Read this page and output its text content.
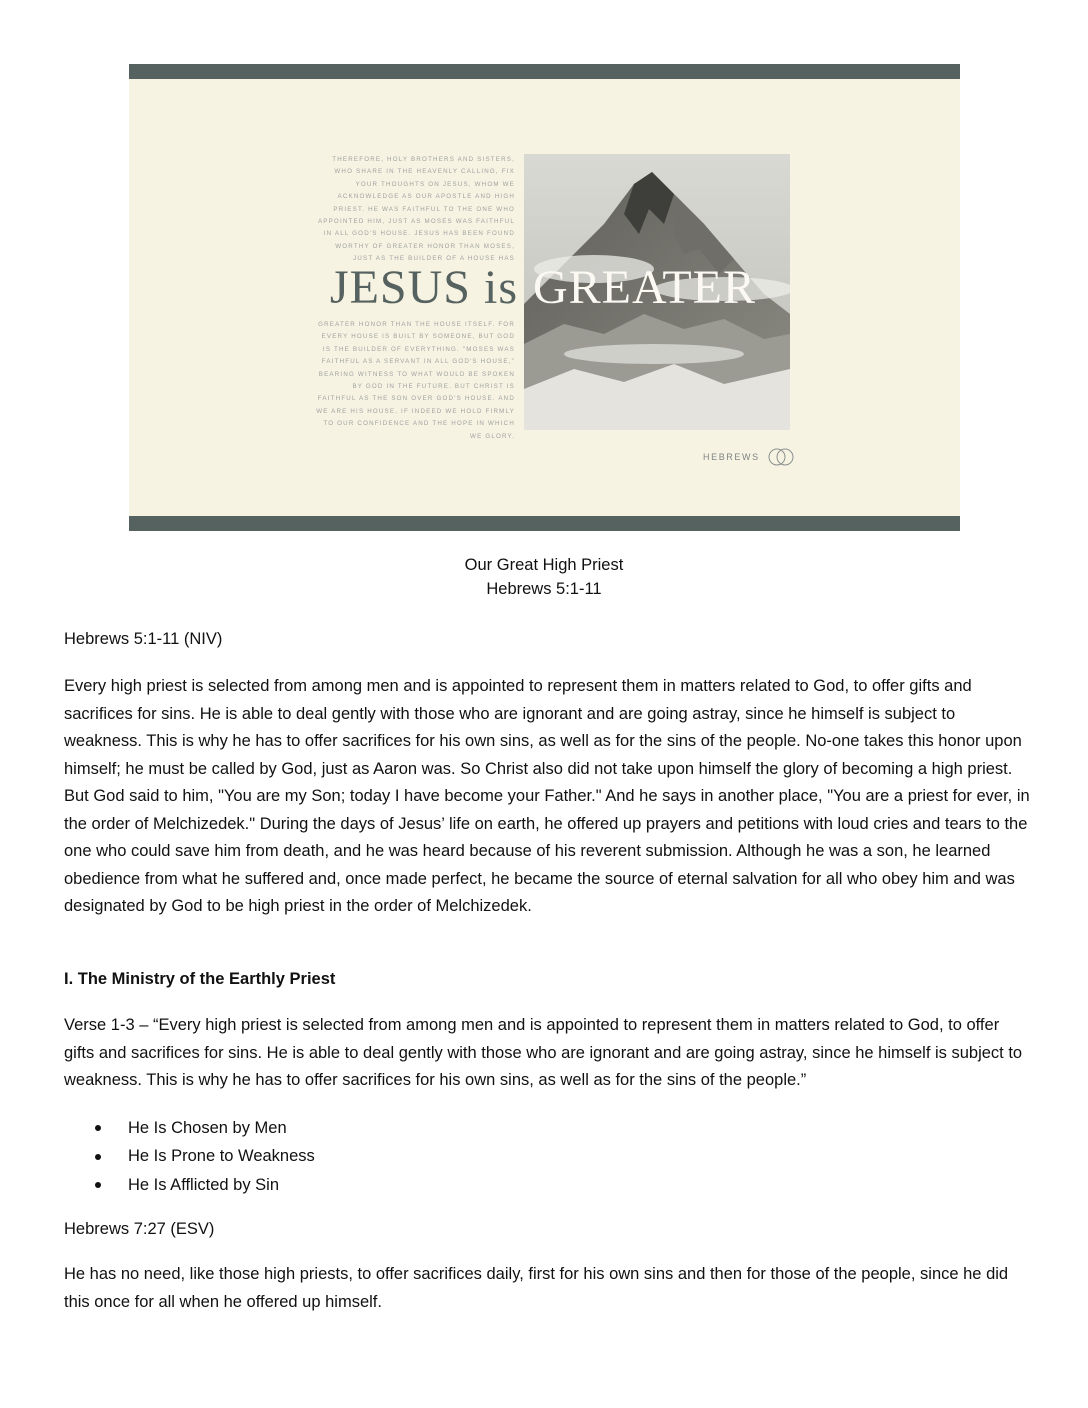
THEREFORE, HOLY BROTHERS AND SISTERS, WHO SHARE IN THE HEAVENLY CALLING, FIX YOUR THOUGHTS ON JESUS, WHOM WE ACKNOWLEDGE AS OUR APOSTLE AND HIGH PRIEST. HE WAS FAITHFUL TO THE ONE WHO APPOINTED HIM, JUST AS MOSES WAS FAITHFUL IN ALL GOD'S HOUSE. JESUS HAS BEEN FOUND WORTHY OF GREATER HONOR THAN MOSES, JUST AS THE BUILDER OF A HOUSE HAS
JESUS is GREATER
GREATER HONOR THAN THE HOUSE ITSELF. FOR EVERY HOUSE IS BUILT BY SOMEONE, BUT GOD IS THE BUILDER OF EVERYTHING. "MOSES WAS FAITHFUL AS A SERVANT IN ALL GOD'S HOUSE," BEARING WITNESS TO WHAT WOULD BE SPOKEN BY GOD IN THE FUTURE. BUT CHRIST IS FAITHFUL AS THE SON OVER GOD'S HOUSE. AND WE ARE HIS HOUSE, IF INDEED WE HOLD FIRMLY TO OUR CONFIDENCE AND THE HOPE IN WHICH WE GLORY.
HEBREWS
Our Great High Priest
Hebrews 5:1-11
Hebrews 5:1-11 (NIV)
Every high priest is selected from among men and is appointed to represent them in matters related to God, to offer gifts and sacrifices for sins. He is able to deal gently with those who are ignorant and are going astray, since he himself is subject to weakness. This is why he has to offer sacrifices for his own sins, as well as for the sins of the people. No-one takes this honor upon himself; he must be called by God, just as Aaron was. So Christ also did not take upon himself the glory of becoming a high priest. But God said to him, "You are my Son; today I have become your Father." And he says in another place, "You are a priest for ever, in the order of Melchizedek." During the days of Jesus’ life on earth, he offered up prayers and petitions with loud cries and tears to the one who could save him from death, and he was heard because of his reverent submission. Although he was a son, he learned obedience from what he suffered and, once made perfect, he became the source of eternal salvation for all who obey him and was designated by God to be high priest in the order of Melchizedek.
I. The Ministry of the Earthly Priest
Verse 1-3 – “Every high priest is selected from among men and is appointed to represent them in matters related to God, to offer gifts and sacrifices for sins. He is able to deal gently with those who are ignorant and are going astray, since he himself is subject to weakness. This is why he has to offer sacrifices for his own sins, as well as for the sins of the people.”
He Is Chosen by Men
He Is Prone to Weakness
He Is Afflicted by Sin
Hebrews 7:27 (ESV)
He has no need, like those high priests, to offer sacrifices daily, first for his own sins and then for those of the people, since he did this once for all when he offered up himself.
